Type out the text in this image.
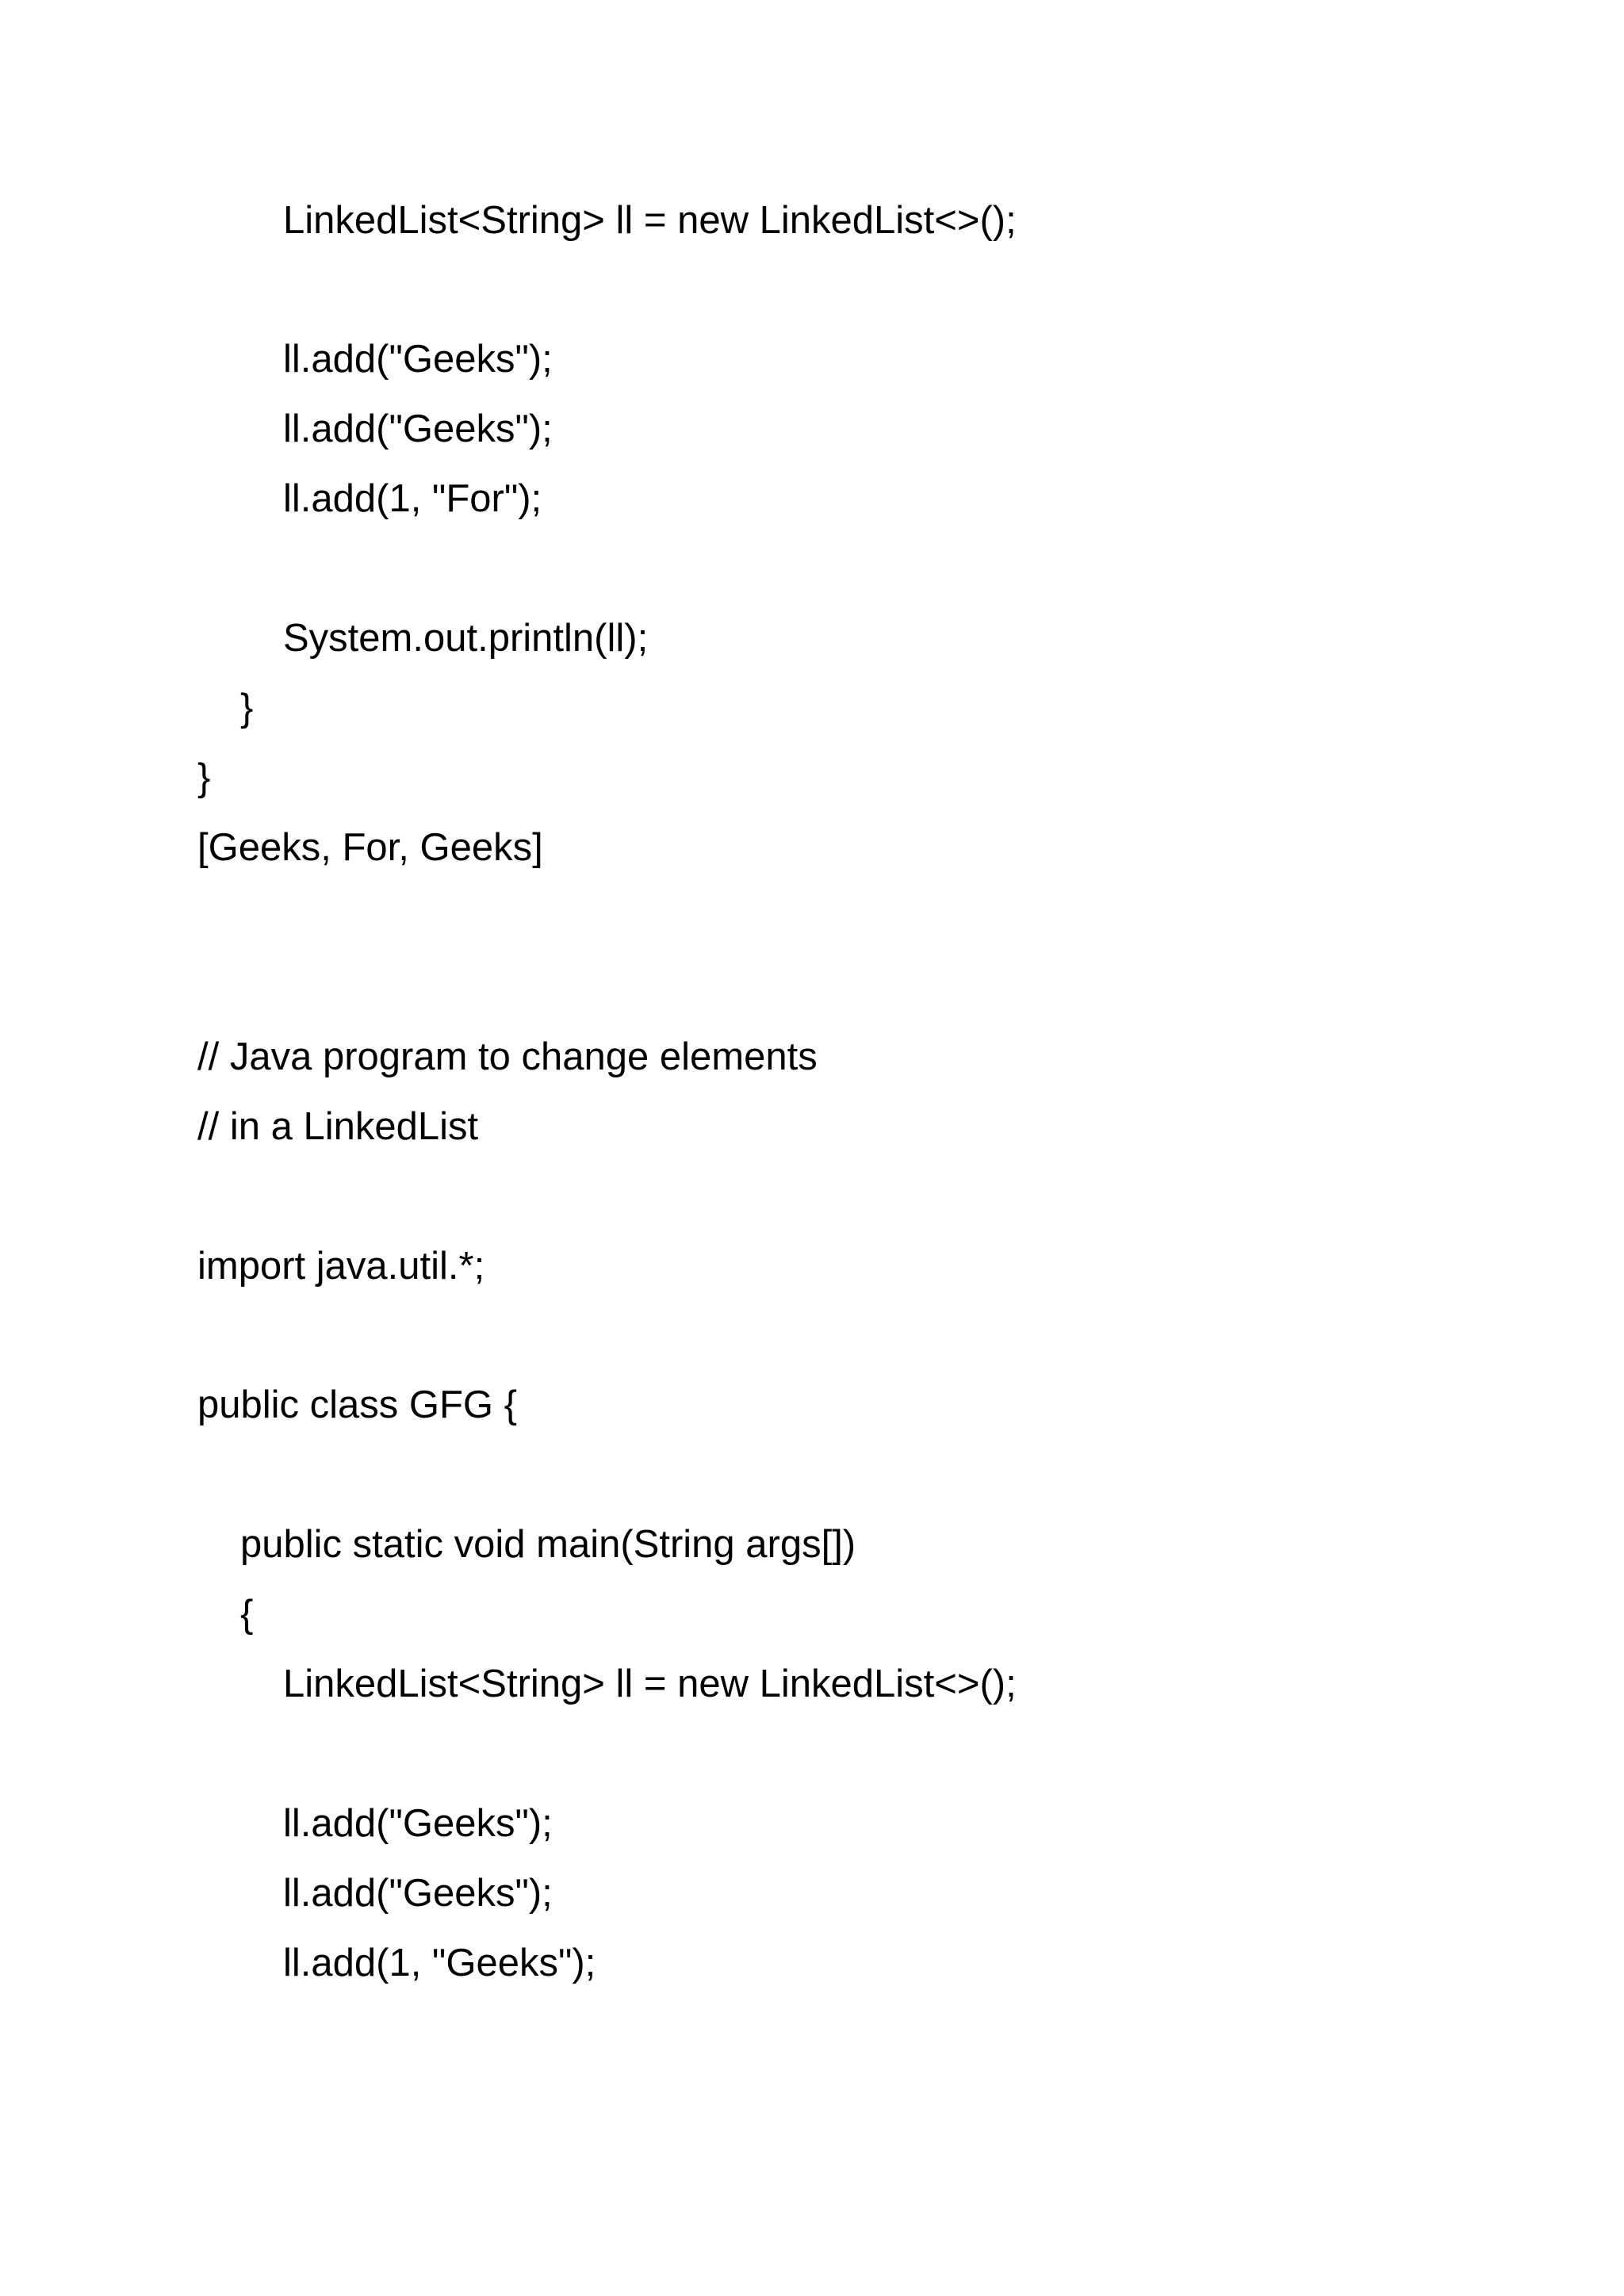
LinkedList<String> ll = new LinkedList<>();
ll.add("Geeks");
ll.add("Geeks");
ll.add(1, "For");
System.out.println(ll);
}
}
[Geeks, For, Geeks]
// Java program to change elements
// in a LinkedList
import java.util.*;
public class GFG {
public static void main(String args[])
{
LinkedList<String> ll = new LinkedList<>();
ll.add("Geeks");
ll.add("Geeks");
ll.add(1, "Geeks");
